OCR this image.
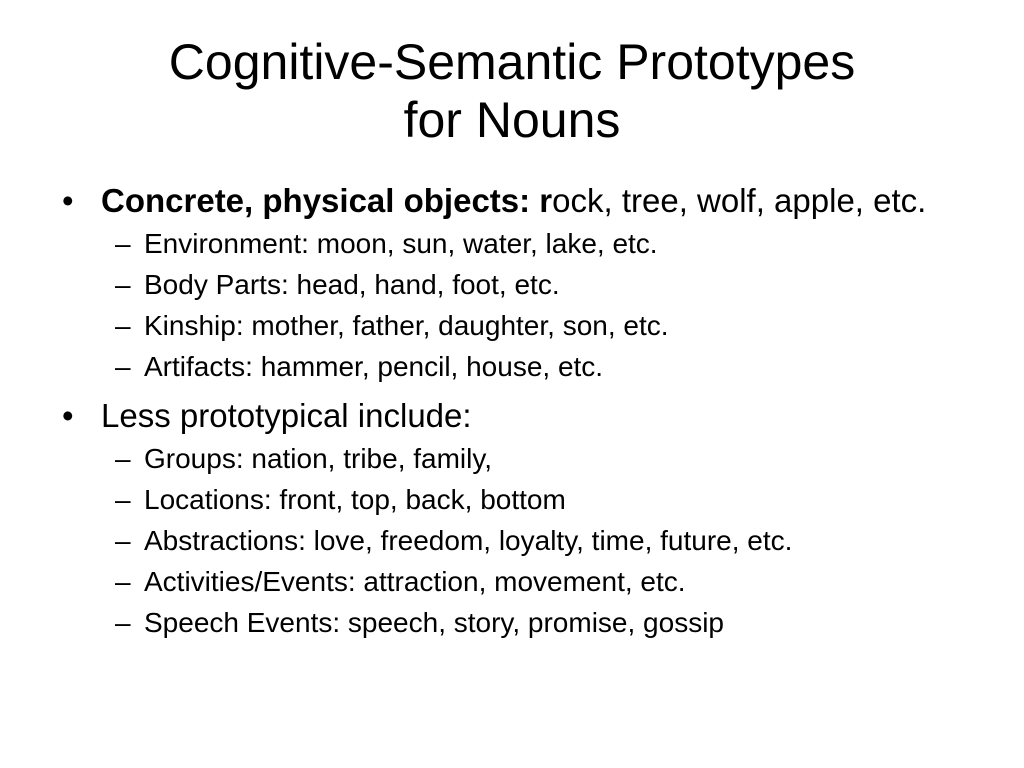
Cognitive-Semantic Prototypes
for Nouns
• Concrete, physical objects: rock, tree, wolf, apple, etc.
– Environment: moon, sun, water, lake, etc.
– Body Parts: head, hand, foot, etc.
– Kinship: mother, father, daughter, son, etc.
– Artifacts: hammer, pencil, house, etc.
• Less prototypical include:
– Groups: nation, tribe, family,
– Locations: front, top, back, bottom
– Abstractions: love, freedom, loyalty, time, future, etc.
– Activities/Events: attraction, movement, etc.
– Speech Events: speech, story, promise, gossip
